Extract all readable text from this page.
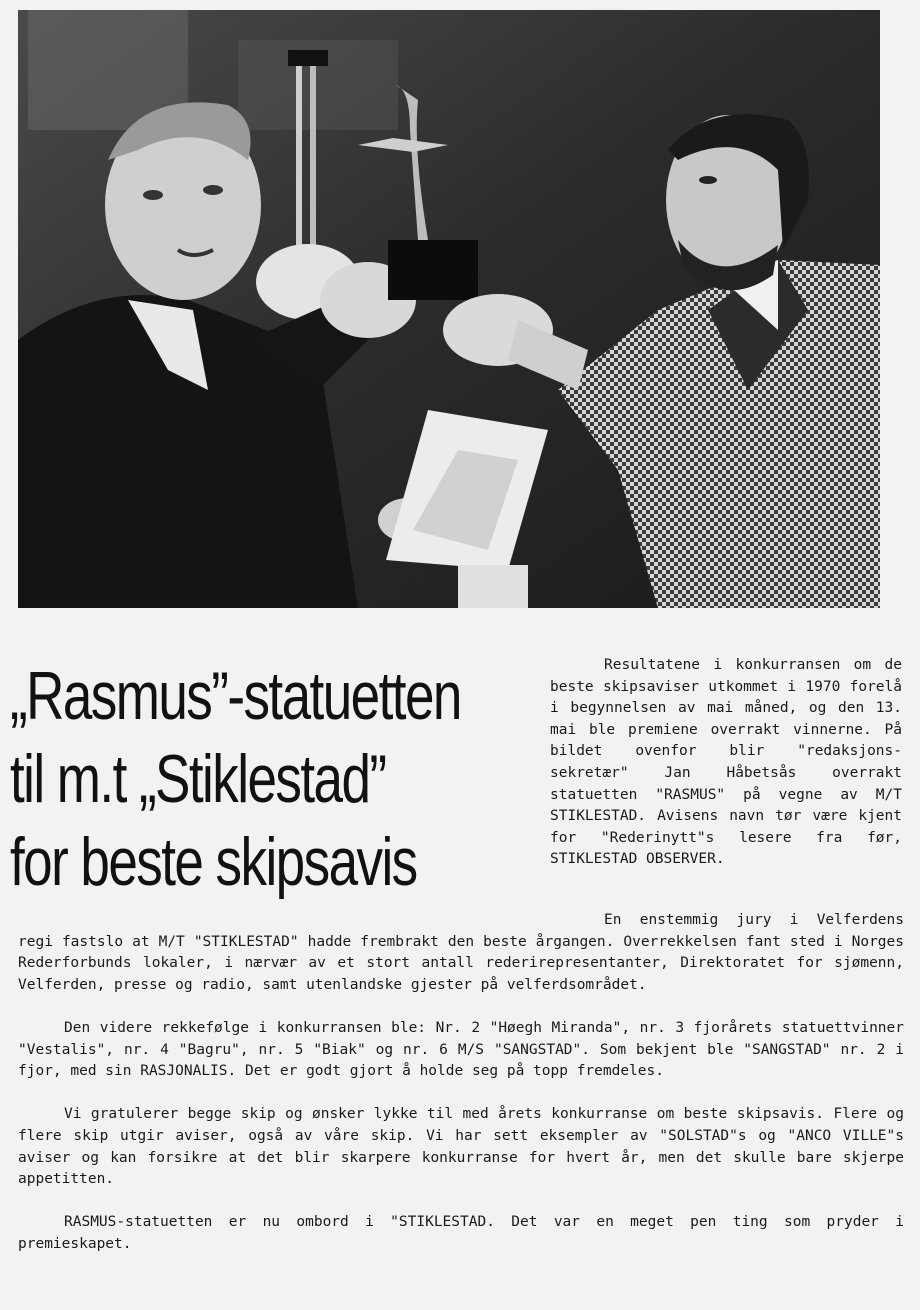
„Rasmus”-statuetten
til m.t „Stiklestad”
for beste skipsavis
Resultatene i konkurransen om de beste skipsaviser utkommet i 1970 forelå i begynnelsen av mai måned, og den 13. mai ble premiene overrakt vinnerne. På bildet ovenfor blir "redaksjons-sekretær" Jan Håbetsås overrakt statuetten "RASMUS" på vegne av M/T STIKLESTAD. Avisens navn tør være kjent for "Rederinytt"s lesere fra før, STIKLESTAD OBSERVER.

En enstemmig jury i Velferdens regi fastslo at M/T "STIKLESTAD" hadde frembrakt den beste årgangen. Overrekkelsen fant sted i Norges Rederforbunds lokaler, i nærvær av et stort antall rederirepresentanter, Direktoratet for sjømenn, Velferden, presse og radio, samt utenlandske gjester på velferdsområdet.

Den videre rekkefølge i konkurransen ble: Nr. 2 "Høegh Miranda", nr. 3 fjorårets statuettvinner "Vestalis", nr. 4 "Bagru", nr. 5 "Biak" og nr. 6 M/S "SANGSTAD". Som bekjent ble "SANGSTAD" nr. 2 i fjor, med sin RASJONALIS. Det er godt gjort å holde seg på topp fremdeles.

Vi gratulerer begge skip og ønsker lykke til med årets konkurranse om beste skipsavis. Flere og flere skip utgir aviser, også av våre skip. Vi har sett eksempler av "SOLSTAD"s og "ANCO VILLE"s aviser og kan forsikre at det blir skarpere konkurranse for hvert år, men det skulle bare skjerpe appetitten.

RASMUS-statuetten er nu ombord i "STIKLESTAD. Det var en meget pen ting som pryder i premieskapet.
